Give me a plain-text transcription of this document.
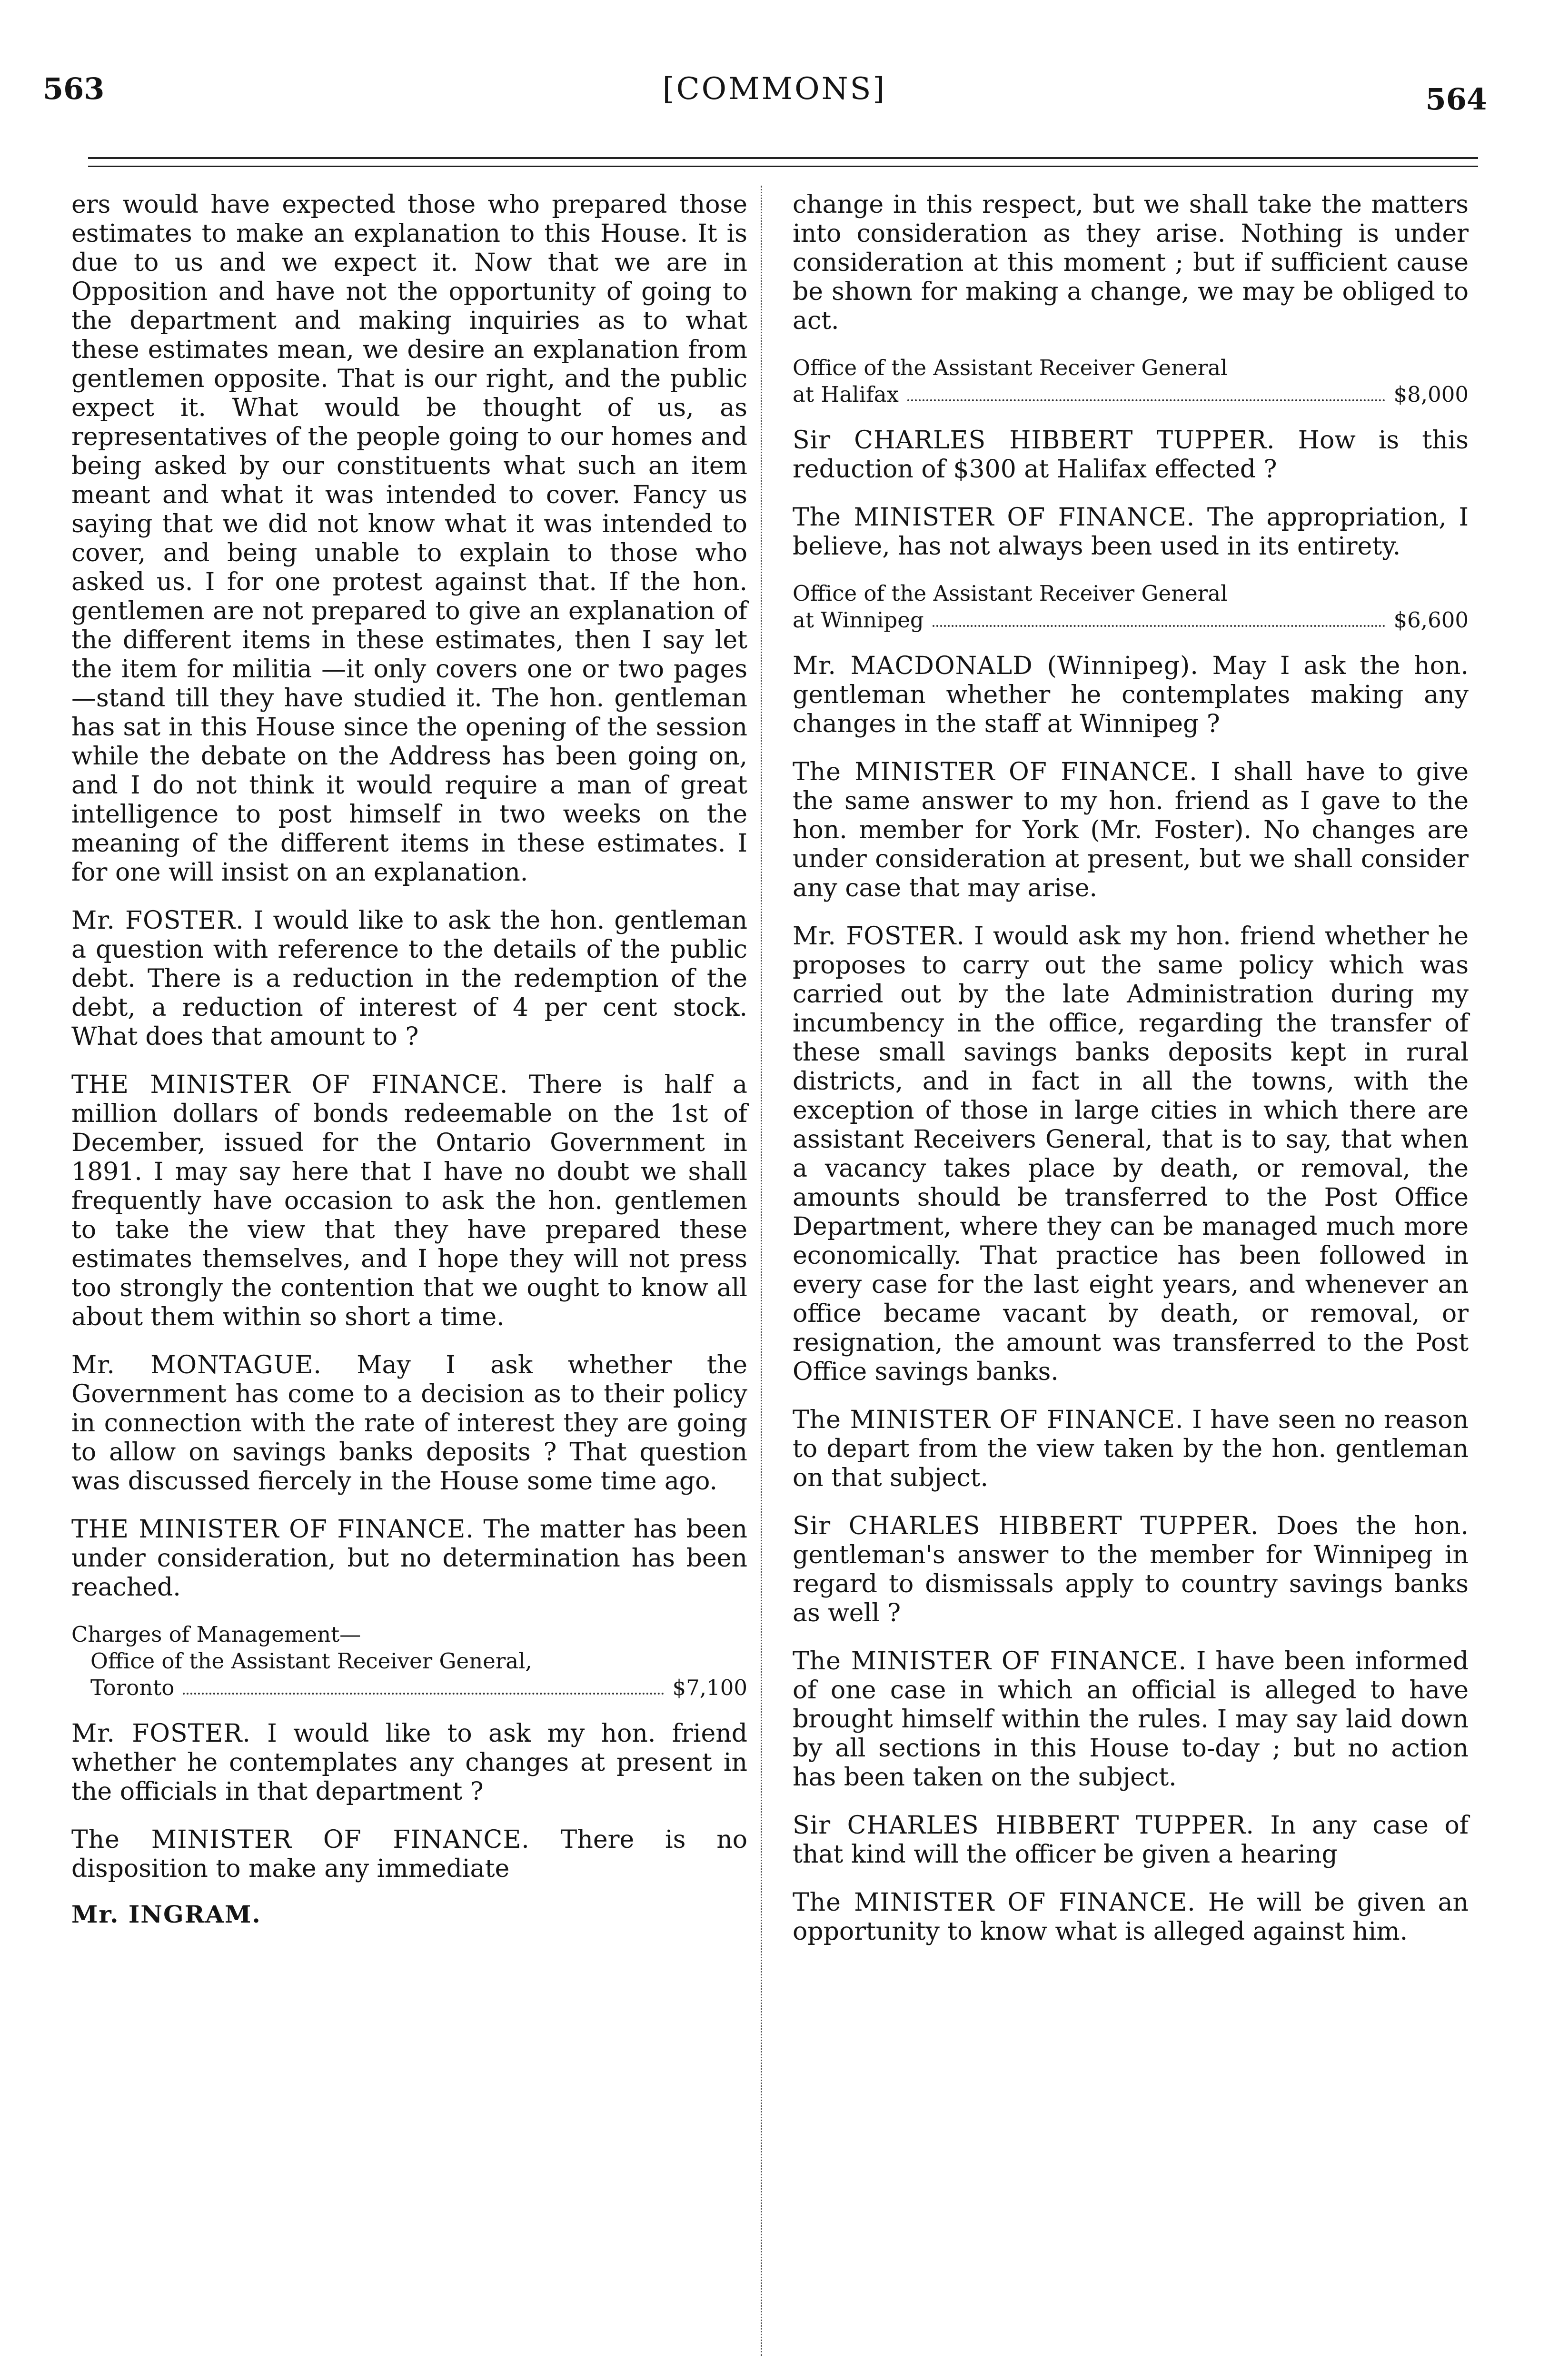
563	[COMMONS]	564
ers would have expected those who prepared those estimates to make an explanation to this House. It is due to us and we expect it. Now that we are in Opposition and have not the opportunity of going to the department and making inquiries as to what these estimates mean, we desire an explanation from gentlemen opposite. That is our right, and the public expect it. What would be thought of us, as representatives of the people going to our homes and being asked by our constituents what such an item meant and what it was intended to cover. Fancy us saying that we did not know what it was intended to cover, and being unable to explain to those who asked us. I for one protest against that. If the hon. gentlemen are not prepared to give an explanation of the different items in these estimates, then I say let the item for militia —it only covers one or two pages—stand till they have studied it. The hon. gentleman has sat in this House since the opening of the session while the debate on the Address has been going on, and I do not think it would require a man of great intelligence to post himself in two weeks on the meaning of the different items in these estimates. I for one will insist on an explanation.
Mr. FOSTER. I would like to ask the hon. gentleman a question with reference to the details of the public debt. There is a reduction in the redemption of the debt, a reduction of interest of 4 per cent stock. What does that amount to ?
THE MINISTER OF FINANCE. There is half a million dollars of bonds redeemable on the 1st of December, issued for the Ontario Government in 1891. I may say here that I have no doubt we shall frequently have occasion to ask the hon. gentlemen to take the view that they have prepared these estimates themselves, and I hope they will not press too strongly the contention that we ought to know all about them within so short a time.
Mr. MONTAGUE. May I ask whether the Government has come to a decision as to their policy in connection with the rate of interest they are going to allow on savings banks deposits ? That question was discussed fiercely in the House some time ago.
THE MINISTER OF FINANCE. The matter has been under consideration, but no determination has been reached.
Charges of Management—
Office of the Assistant Receiver General,
Toronto	$7,100
Mr. FOSTER. I would like to ask my hon. friend whether he contemplates any changes at present in the officials in that department ?
The MINISTER OF FINANCE. There is no disposition to make any immediate
Mr. INGRAM.
change in this respect, but we shall take the matters into consideration as they arise. Nothing is under consideration at this moment ; but if sufficient cause be shown for making a change, we may be obliged to act.
Office of the Assistant Receiver General
at Halifax	$8,000
Sir CHARLES HIBBERT TUPPER. How is this reduction of $300 at Halifax effected ?
The MINISTER OF FINANCE. The appropriation, I believe, has not always been used in its entirety.
Office of the Assistant Receiver General
at Winnipeg	$6,600
Mr. MACDONALD (Winnipeg). May I ask the hon. gentleman whether he contemplates making any changes in the staff at Winnipeg ?
The MINISTER OF FINANCE. I shall have to give the same answer to my hon. friend as I gave to the hon. member for York (Mr. Foster). No changes are under consideration at present, but we shall consider any case that may arise.
Mr. FOSTER. I would ask my hon. friend whether he proposes to carry out the same policy which was carried out by the late Administration during my incumbency in the office, regarding the transfer of these small savings banks deposits kept in rural districts, and in fact in all the towns, with the exception of those in large cities in which there are assistant Receivers General, that is to say, that when a vacancy takes place by death, or removal, the amounts should be transferred to the Post Office Department, where they can be managed much more economically. That practice has been followed in every case for the last eight years, and whenever an office became vacant by death, or removal, or resignation, the amount was transferred to the Post Office savings banks.
The MINISTER OF FINANCE. I have seen no reason to depart from the view taken by the hon. gentleman on that subject.
Sir CHARLES HIBBERT TUPPER. Does the hon. gentleman's answer to the member for Winnipeg in regard to dismissals apply to country savings banks as well ?
The MINISTER OF FINANCE. I have been informed of one case in which an official is alleged to have brought himself within the rules. I may say laid down by all sections in this House to-day ; but no action has been taken on the subject.
Sir CHARLES HIBBERT TUPPER. In any case of that kind will the officer be given a hearing
The MINISTER OF FINANCE. He will be given an opportunity to know what is alleged against him.
